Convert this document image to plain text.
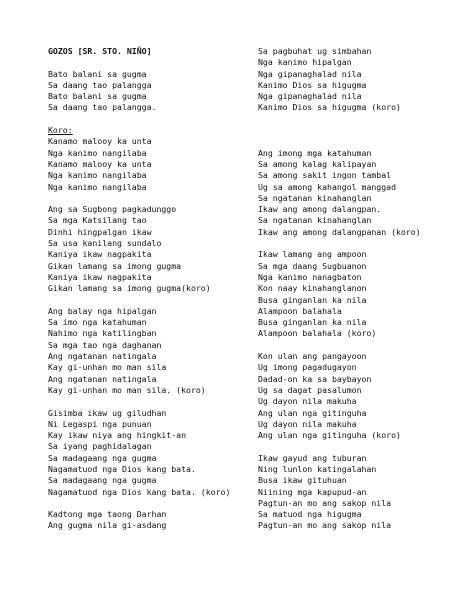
GOZOS [SR. STO. NIÑO]
Bato balani sa gugma
Sa daang tao palangga
Bato balani sa gugma
Sa daang tao palangga.
Koro:
Kanamo malooy ka unta
Nga kanimo nangilaba
Kanamo malooy ka unta
Nga kanimo nangilaba
Nga kanimo nangilaba
Ang sa Sugbong pagkadunggo
Sa mga Katsilang tao
Dinhi hingpalgan ikaw
Sa usa kanilang sundalo
Kaniya ikaw nagpakita
Gikan lamang sa imong gugma
Kaniya ikaw nagpakita
Gikan lamang sa imong gugma(koro)
Ang balay nga hipalgan
Sa imo nga katahuman
Nahimo nga katilingban
Sa mga tao nga daghanan
Ang ngatanan natingala
Kay gi-unhan mo man sila
Ang ngatanan natingala
Kay gi-unhan mo man sila. (koro)
Gisimba ikaw ug giludhan
Ni Legaspi nga punuan
Kay ikaw niya ang hingkit-an
Sa iyang paghidalagan
Sa madagaang nga gugma
Nagamatuod nga Dios kang bata.
Sa madagaang nga gugma
Nagamatuod nga Dios kang bata. (koro)
Kadtong mga taong Darhan
Ang gugma nila gi-asdang
Sa pagbuhat ug simbahan
Nga kanimo hipalgan
Nga gipanaghalad nila
Kanimo Dios sa higugma
Nga gipanaghalad nila
Kanimo Dios sa higugma (koro)
Ang imong mga katahuman
Sa among kalag kalipayan
Sa among sakit ingon tambal
Ug sa among kahangol manggad
Sa ngatanan kinahanglan
Ikaw ang among dalangpan.
Sa ngatanan kinahanglan
Ikaw ang among dalangpanan (koro)
Ikaw lamang ang ampoon
Sa mga daang Sugbuanon
Nga kanimo nanagbaton
Kon naay kinahanglanon
Busa ginganlan ka nila
Alampoon balahala
Busa ginganlan ka nila
Alampoon balahala (koro)
Kon ulan ang pangayoon
Ug imong pagadugayon
Dadad-on ka sa baybayon
Ug sa dagat pasalumon
Ug dayon nila makuha
Ang ulan nga gitinguha
Ug dayon nila makuha
Ang ulan nga gitinguha (koro)
Ikaw gayud ang tuburan
Ning lunlon katingalahan
Busa ikaw gituhuan
Niining mga kapupud-an
Pagtun-an mo ang sakop nila
Sa matuod nga higugma
Pagtun-an mo ang sakop nila
